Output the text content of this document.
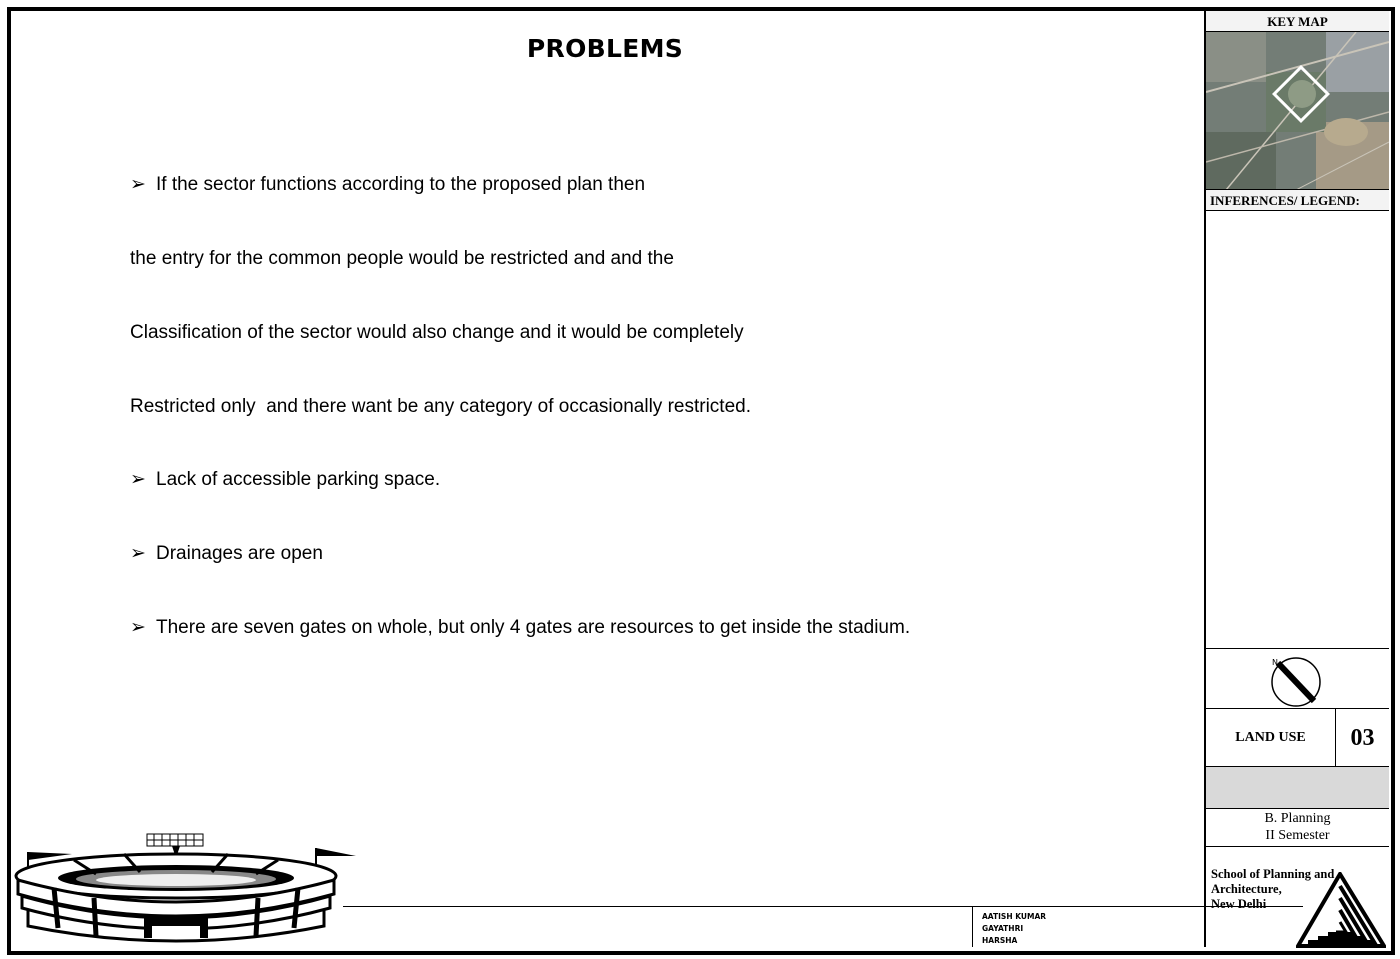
PROBLEMS

➢ If the sector functions according to the proposed plan then

the entry for the common people would be restricted and and the

Classification of the sector would also change and it would be completely

Restricted only  and there want be any category of occasionally restricted.

➢ Lack of accessible parking space.

➢ Drainages are open

➢ There are seven gates on whole, but only 4 gates are resources to get inside the stadium.

KEY MAP
INFERENCES/ LEGEND:
N
LAND USE	03
B. Planning
II Semester
School of Planning and
Architecture,
New Delhi
AATISH KUMAR
GAYATHRI
HARSHA
